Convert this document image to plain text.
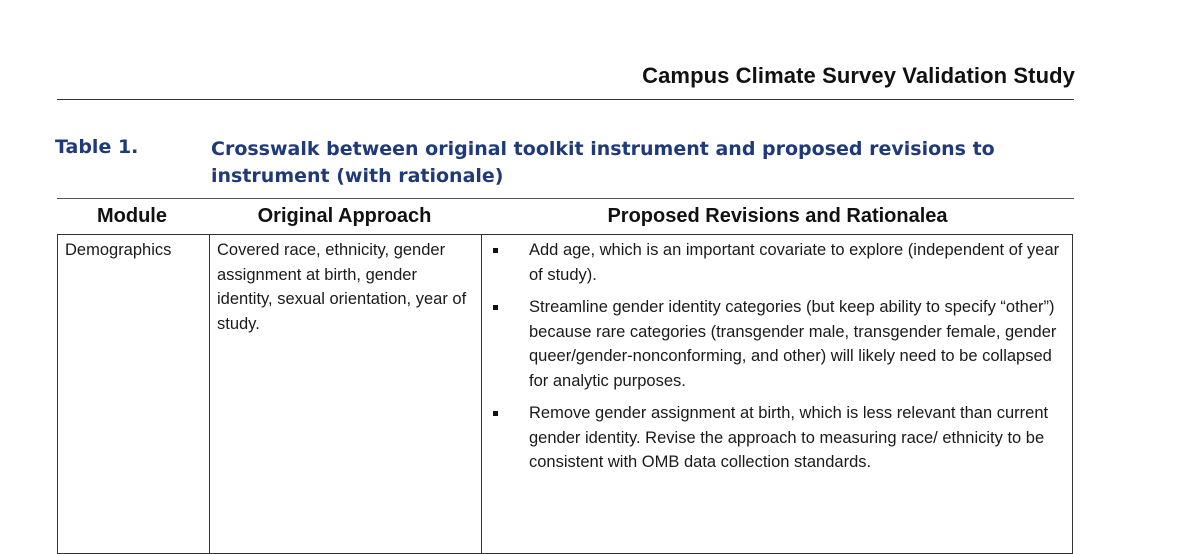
Campus Climate Survey Validation Study
Table 1.	Crosswalk between original toolkit instrument and proposed revisions to instrument (with rationale)
Module	Original Approach	Proposed Revisions and Rationalea
Demographics	Covered race, ethnicity, gender assignment at birth, gender identity, sexual orientation, year of study.
Add age, which is an important covariate to explore (independent of year of study).
Streamline gender identity categories (but keep ability to specify “other”) because rare categories (transgender male, transgender female, gender queer/gender-nonconforming, and other) will likely need to be collapsed for analytic purposes.
Remove gender assignment at birth, which is less relevant than current gender identity. Revise the approach to measuring race/ ethnicity to be consistent with OMB data collection standards.
